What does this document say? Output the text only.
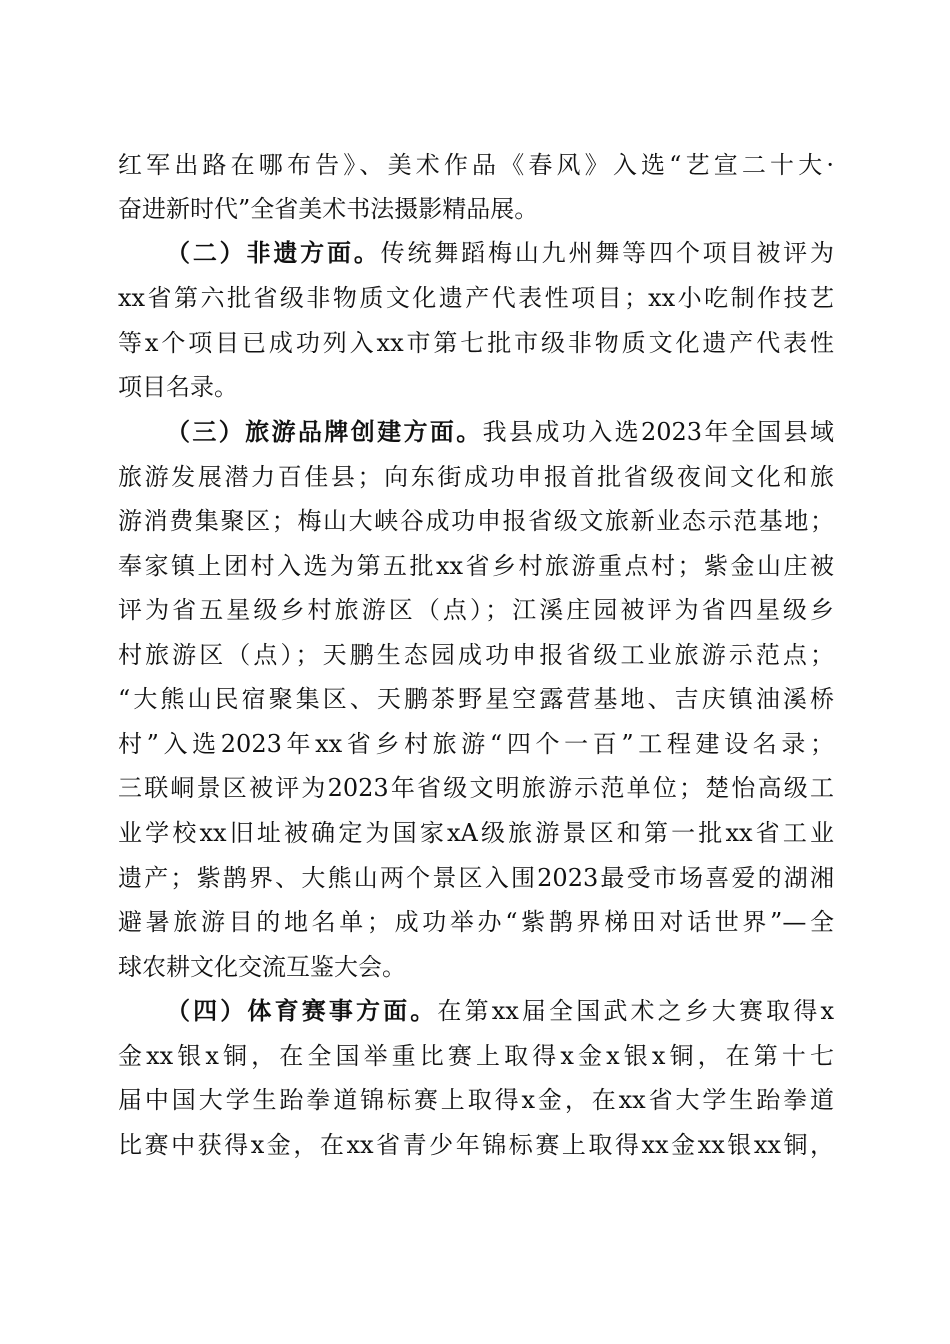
红军出路在哪布告》、美术作品《春风》入选“艺宣二十大·
奋进新时代”全省美术书法摄影精品展。
（二）非遗方面。传统舞蹈梅山九州舞等四个项目被评为
xx省第六批省级非物质文化遗产代表性项目；xx小吃制作技艺
等x个项目已成功列入xx市第七批市级非物质文化遗产代表性
项目名录。
（三）旅游品牌创建方面。我县成功入选2023年全国县域
旅游发展潜力百佳县；向东街成功申报首批省级夜间文化和旅
游消费集聚区；梅山大峡谷成功申报省级文旅新业态示范基地；
奉家镇上团村入选为第五批xx省乡村旅游重点村；紫金山庄被
评为省五星级乡村旅游区（点）；江溪庄园被评为省四星级乡
村旅游区（点）；天鹏生态园成功申报省级工业旅游示范点；
“大熊山民宿聚集区、天鹏茶野星空露营基地、吉庆镇油溪桥
村”入选2023年xx省乡村旅游“四个一百”工程建设名录；
三联峒景区被评为2023年省级文明旅游示范单位；楚怡高级工
业学校xx旧址被确定为国家xA级旅游景区和第一批xx省工业
遗产；紫鹊界、大熊山两个景区入围2023最受市场喜爱的湖湘
避暑旅游目的地名单；成功举办“紫鹊界梯田对话世界”—全
球农耕文化交流互鉴大会。
（四）体育赛事方面。在第xx届全国武术之乡大赛取得x
金xx银x铜，在全国举重比赛上取得x金x银x铜，在第十七
届中国大学生跆拳道锦标赛上取得x金，在xx省大学生跆拳道
比赛中获得x金，在xx省青少年锦标赛上取得xx金xx银xx铜，
